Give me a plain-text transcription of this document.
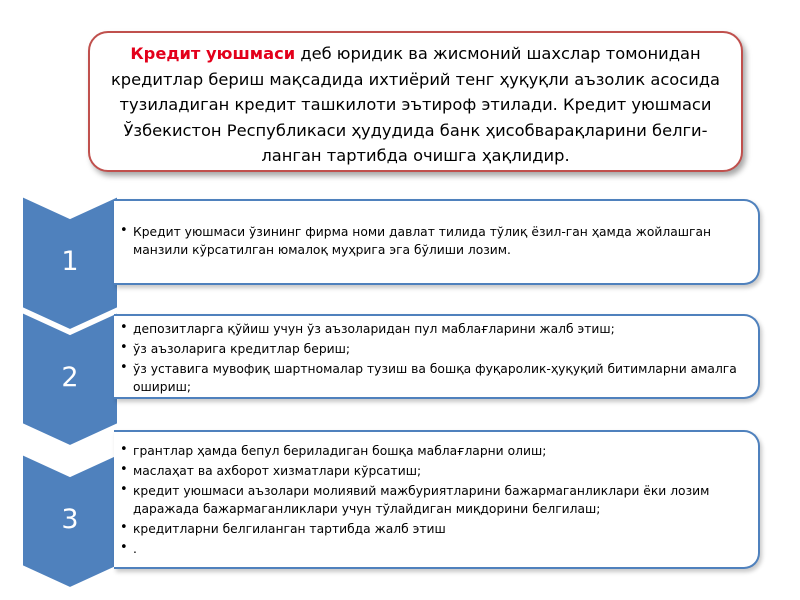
Кредит уюшмаси деб юридик ва жисмоний шахслар томонидан кредитлар бериш мақсадида ихтиёрий тенг ҳуқуқли аъзолик асосида тузиладиган кредит ташкилоти эътироф этилади. Кредит уюшмаси Ўзбекистон Республикаси ҳудудида банк ҳисобварақларини белги-ланган тартибда очишга ҳақлидир.
1
• Кредит уюшмаси ўзининг фирма номи давлат тилида тўлиқ ёзил-ган ҳамда жойлашган манзили кўрсатилган юмалоқ муҳрига эга бўлиши лозим.
2
• депозитларга қўйиш учун ўз аъзоларидан пул маблағларини жалб этиш;
• ўз аъзоларига кредитлар бериш;
• ўз уставига мувофиқ шартномалар тузиш ва бошқа фуқаролик-ҳуқуқий битимларни амалга ошириш;
3
• грантлар ҳамда бепул бериладиган бошқа маблағларни олиш;
• маслаҳат ва ахборот хизматлари кўрсатиш;
• кредит уюшмаси аъзолари молиявий мажбуриятларини бажармаганликлари ёки лозим даражада бажармаганликлари учун тўлайдиган миқдорини белгилаш;
• кредитларни белгиланган тартибда жалб этиш
• .
